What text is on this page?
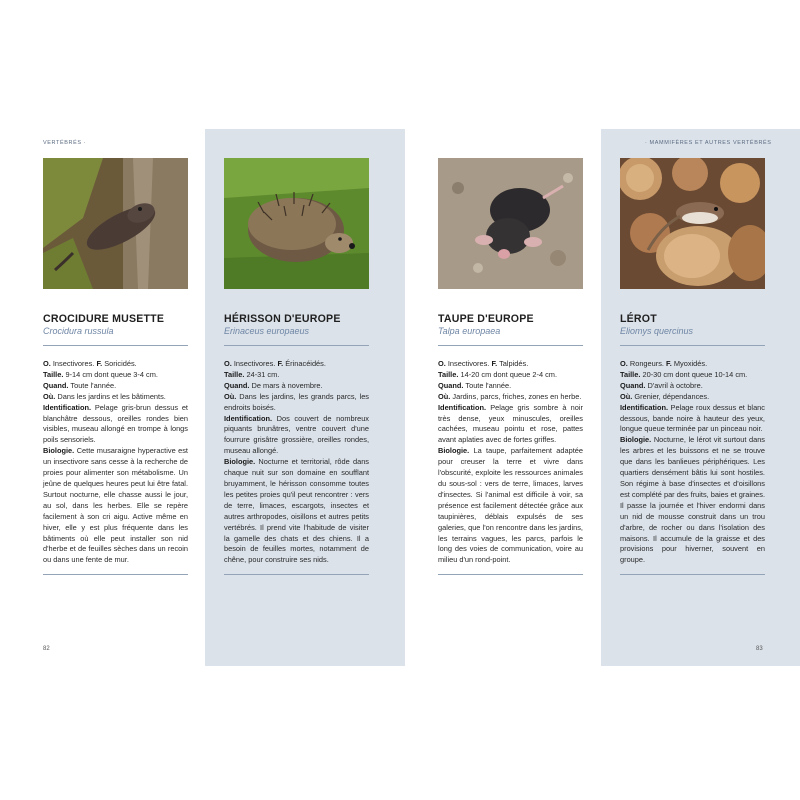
VERTÉBRÉS ·	· MAMMIFÈRES ET AUTRES VERTÉBRÉS
CROCIDURE MUSETTE
Crocidura russula

O. Insectivores. F. Soricidés.

Taille. 9-14 cm dont queue 3-4 cm.

Quand. Toute l'année.

Où. Dans les jardins et les bâtiments.

Identification. Pelage gris-brun dessus et blanchâtre dessous, oreilles rondes bien visibles, museau allongé en trompe à longs poils sensoriels.

Biologie. Cette musaraigne hyperactive est un insectivore sans cesse à la recherche de proies pour alimenter son métabolisme. Un jeûne de quelques heures peut lui être fatal. Surtout nocturne, elle chasse aussi le jour, au sol, dans les herbes. Elle se repère facilement à son cri aigu. Active même en hiver, elle y est plus fréquente dans les bâtiments où elle peut installer son nid d'herbe et de feuilles sèches dans un recoin ou dans une fente de mur.

HÉRISSON D'EUROPE
Erinaceus europaeus

O. Insectivores. F. Érinacéidés.

Taille. 24-31 cm.

Quand. De mars à novembre.

Où. Dans les jardins, les grands parcs, les endroits boisés.

Identification. Dos couvert de nombreux piquants brunâtres, ventre couvert d'une fourrure grisâtre grossière, oreilles rondes, museau allongé.

Biologie. Nocturne et territorial, rôde dans chaque nuit sur son domaine en soufflant bruyamment, le hérisson consomme toutes les petites proies qu'il peut rencontrer : vers de terre, limaces, escargots, insectes et autres arthropodes, oisillons et autres petits vertébrés. Il prend vite l'habitude de visiter la gamelle des chats et des chiens. Il a besoin de feuilles mortes, notamment de chêne, pour construire ses nids.

TAUPE D'EUROPE
Talpa europaea

O. Insectivores. F. Talpidés.

Taille. 14-20 cm dont queue 2-4 cm.

Quand. Toute l'année.

Où. Jardins, parcs, friches, zones en herbe.

Identification. Pelage gris sombre à noir très dense, yeux minuscules, oreilles cachées, museau pointu et rose, pattes avant aplaties avec de fortes griffes.

Biologie. La taupe, parfaitement adaptée pour creuser la terre et vivre dans l'obscurité, exploite les ressources animales du sous-sol : vers de terre, limaces, larves d'insectes. Si l'animal est difficile à voir, sa présence est facilement détectée grâce aux taupinières, déblais expulsés de ses galeries, que l'on rencontre dans les jardins, les terrains vagues, les parcs, parfois le long des voies de communication, voire au milieu d'un rond-point.

LÉROT
Eliomys quercinus

O. Rongeurs. F. Myoxidés.

Taille. 20-30 cm dont queue 10-14 cm.

Quand. D'avril à octobre.

Où. Grenier, dépendances.

Identification. Pelage roux dessus et blanc dessous, bande noire à hauteur des yeux, longue queue terminée par un pinceau noir.

Biologie. Nocturne, le lérot vit surtout dans les arbres et les buissons et ne se trouve que dans les banlieues périphériques. Les quartiers densément bâtis lui sont hostiles. Son régime à base d'insectes et d'oisillons est complété par des fruits, baies et graines. Il passe la journée et l'hiver endormi dans un nid de mousse construit dans un trou d'arbre, de rocher ou dans l'isolation des maisons. Il accumule de la graisse et des provisions pour hiverner, souvent en groupe.

82	83
